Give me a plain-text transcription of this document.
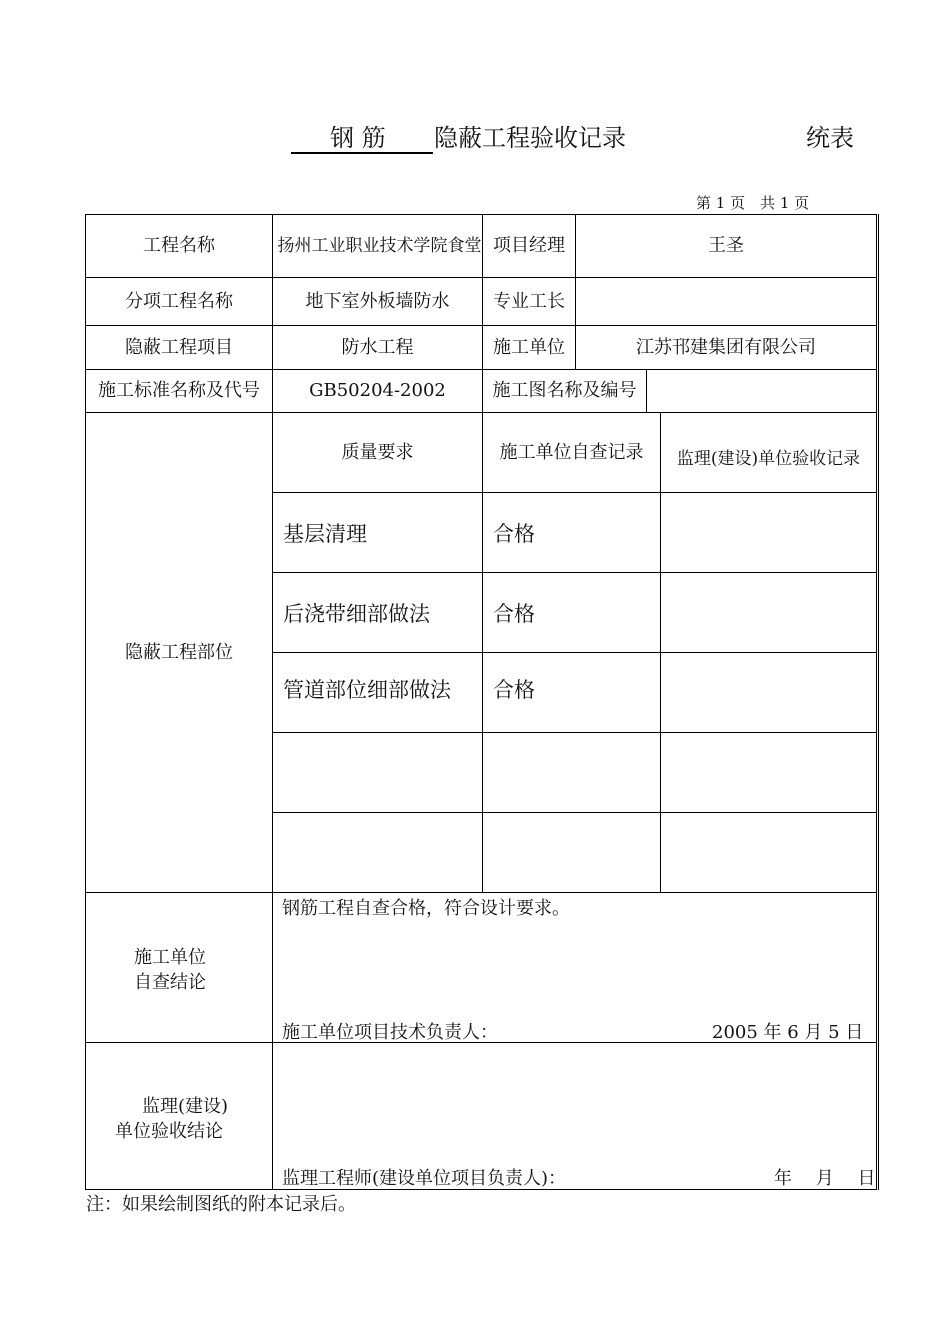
钢 筋 隐蔽工程验收记录	统表
第 1 页　共 1 页
工程名称	扬州工业职业技术学院食堂 项目经理	王圣
分项工程名称	地下室外板墙防水	专业工长
隐蔽工程项目	防水工程	施工单位	江苏邗建集团有限公司
施工标准名称及代号	GB50204-2002	施工图名称及编号
隐蔽工程部位
质量要求	施工单位自查记录	监理(建设)单位验收记录
基层清理	合格
后浇带细部做法	合格
管道部位细部做法	合格
施工单位
自查结论
钢筋工程自查合格，符合设计要求。
施工单位项目技术负责人：	2005 年 6 月 5 日
监理(建设)
单位验收结论
监理工程师(建设单位项目负责人)：	年　 月　 日
注：如果绘制图纸的附本记录后。
